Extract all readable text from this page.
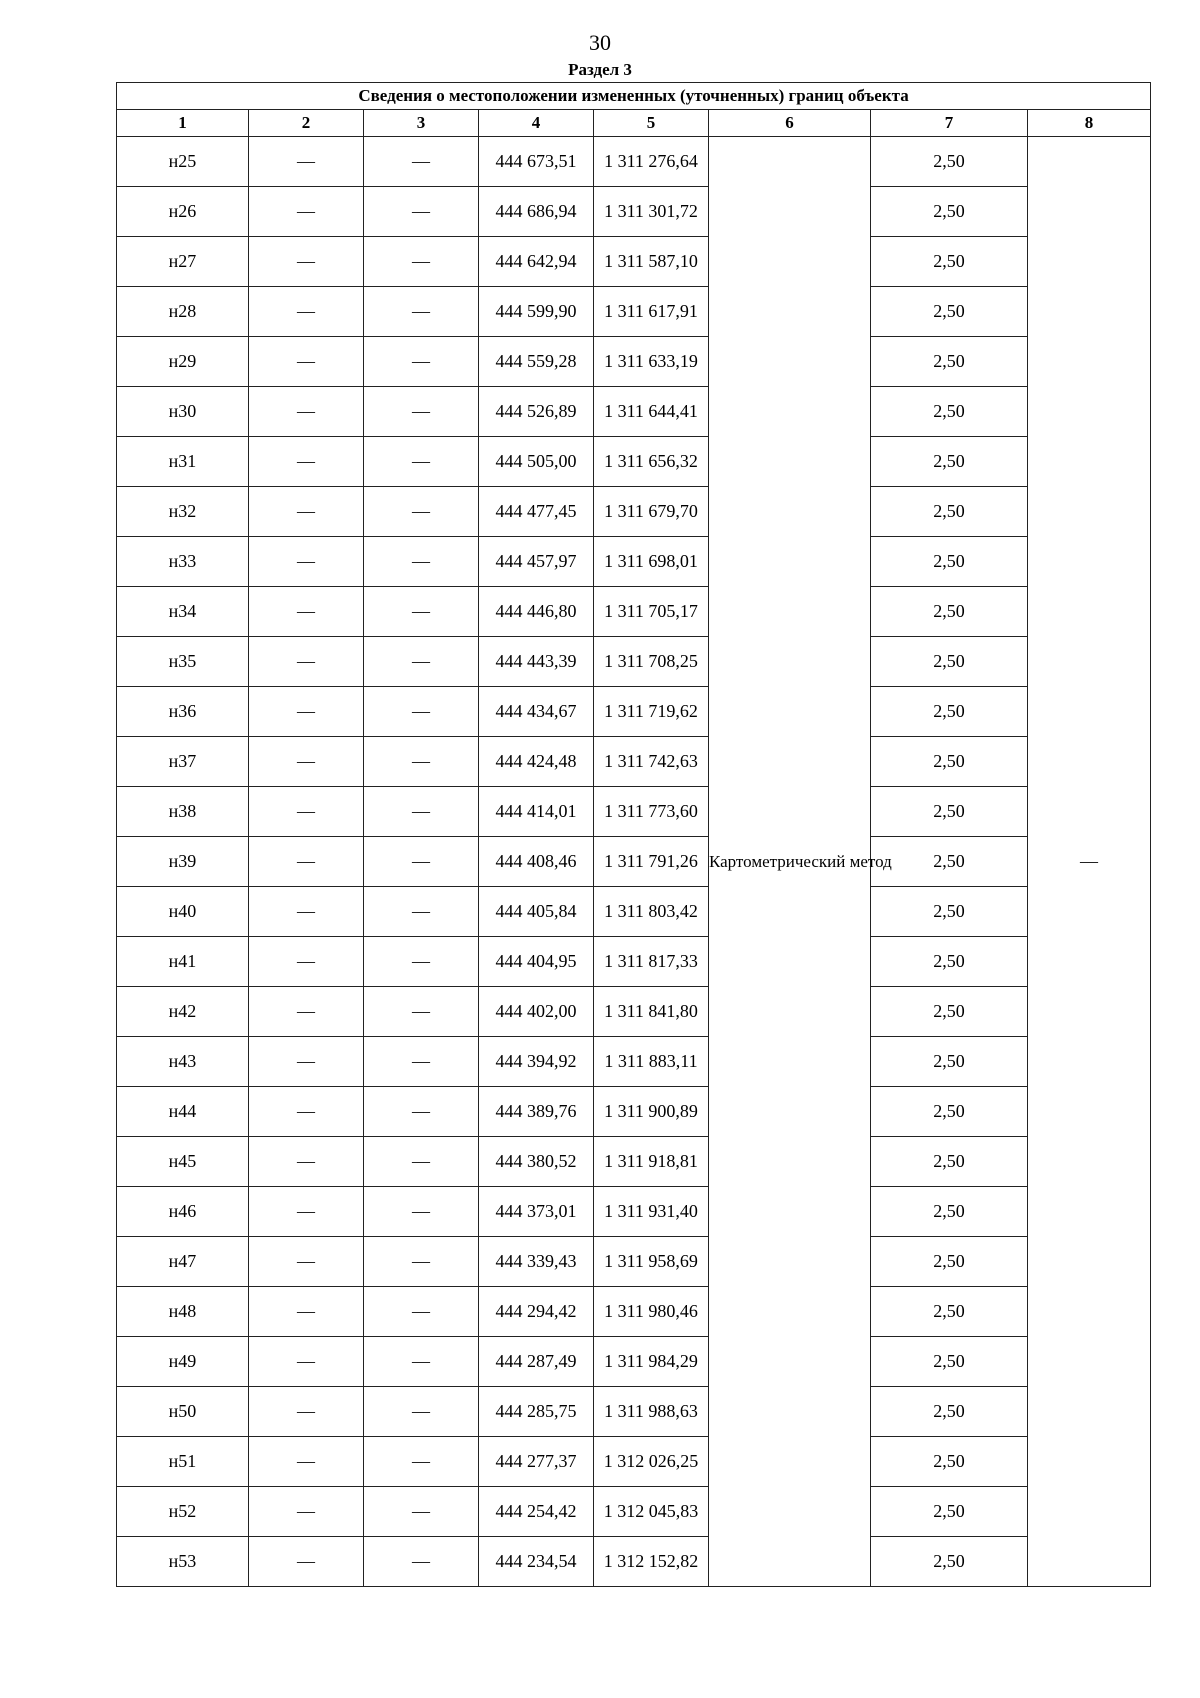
30
Раздел 3
Сведения о местоположении измененных (уточненных) границ объекта							
1	2	3	4	5	6	7	8
н25	—	—	444 673,51	1 311 276,64	Картометрический метод	2,50	—
н26	—	—	444 686,94	1 311 301,72		2,50	
н27	—	—	444 642,94	1 311 587,10		2,50	
н28	—	—	444 599,90	1 311 617,91		2,50	
н29	—	—	444 559,28	1 311 633,19		2,50	
н30	—	—	444 526,89	1 311 644,41		2,50	
н31	—	—	444 505,00	1 311 656,32		2,50	
н32	—	—	444 477,45	1 311 679,70		2,50	
н33	—	—	444 457,97	1 311 698,01		2,50	
н34	—	—	444 446,80	1 311 705,17		2,50	
н35	—	—	444 443,39	1 311 708,25		2,50	
н36	—	—	444 434,67	1 311 719,62		2,50	
н37	—	—	444 424,48	1 311 742,63		2,50	
н38	—	—	444 414,01	1 311 773,60		2,50	
н39	—	—	444 408,46	1 311 791,26		2,50	
н40	—	—	444 405,84	1 311 803,42		2,50	
н41	—	—	444 404,95	1 311 817,33		2,50	
н42	—	—	444 402,00	1 311 841,80		2,50	
н43	—	—	444 394,92	1 311 883,11		2,50	
н44	—	—	444 389,76	1 311 900,89		2,50	
н45	—	—	444 380,52	1 311 918,81		2,50	
н46	—	—	444 373,01	1 311 931,40		2,50	
н47	—	—	444 339,43	1 311 958,69		2,50	
н48	—	—	444 294,42	1 311 980,46		2,50	
н49	—	—	444 287,49	1 311 984,29		2,50	
н50	—	—	444 285,75	1 311 988,63		2,50	
н51	—	—	444 277,37	1 312 026,25		2,50	
н52	—	—	444 254,42	1 312 045,83		2,50	
н53	—	—	444 234,54	1 312 152,82		2,50	
